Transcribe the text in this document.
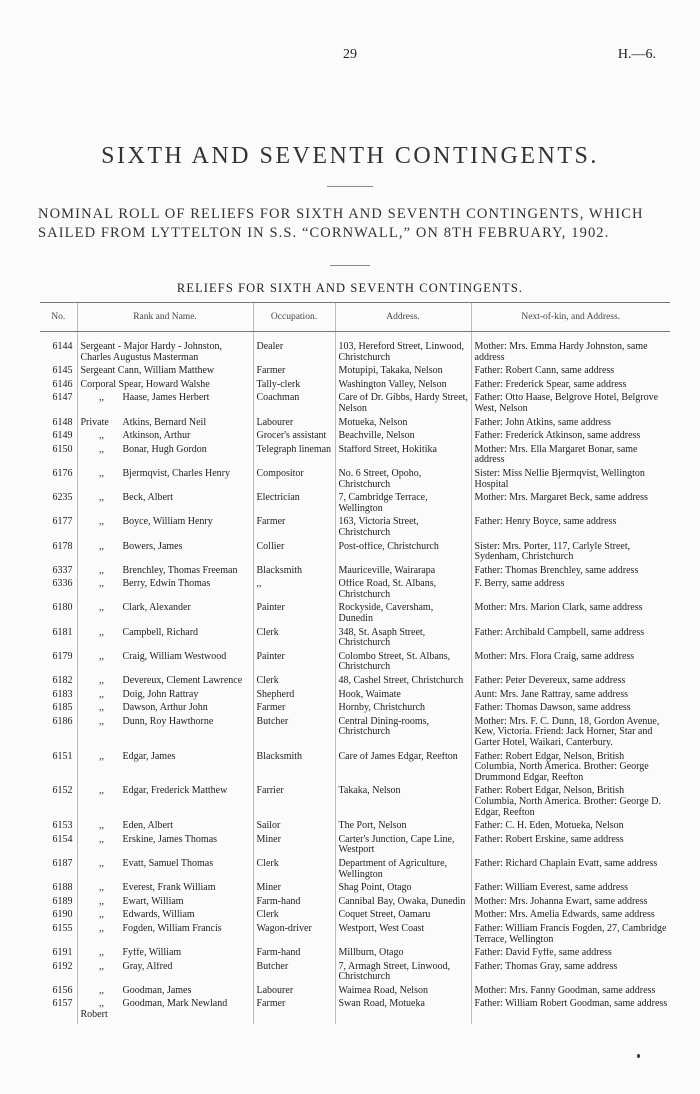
29	H.—6.
SIXTH AND SEVENTH CONTINGENTS.
NOMINAL ROLL OF RELIEFS FOR SIXTH AND SEVENTH CONTINGENTS, WHICH SAILED FROM LYTTELTON IN S.S. “CORNWALL,” ON 8TH FEBRUARY, 1902.
RELIEFS FOR SIXTH AND SEVENTH CONTINGENTS.
No.	Rank and Name.	Occupation.	Address.	Next-of-kin, and Address.
6144	Sergeant - Major Hardy - Johnston, Charles Augustus Masterman	Dealer	103, Hereford Street, Linwood, Christchurch	Mother: Mrs. Emma Hardy Johnston, same address
6145	Sergeant Cann, William Matthew	Farmer	Motupipi, Takaka, Nelson	Father: Robert Cann, same address
6146	Corporal Spear, Howard Walshe	Tally-clerk	Washington Valley, Nelson	Father: Frederick Spear, same address
6147	,, Haase, James Herbert	Coachman	Care of Dr. Gibbs, Hardy Street, Nelson	Father: Otto Haase, Belgrove Hotel, Belgrove West, Nelson
6148	Private Atkins, Bernard Neil	Labourer	Motueka, Nelson	Father: John Atkins, same address
6149	,, Atkinson, Arthur	Grocer's assistant	Beachville, Nelson	Father: Frederick Atkinson, same address
6150	,, Bonar, Hugh Gordon	Telegraph lineman	Stafford Street, Hokitika	Mother: Mrs. Ella Margaret Bonar, same address
6176	,, Bjermqvist, Charles Henry	Compositor	No. 6 Street, Opoho, Christchurch	Sister: Miss Nellie Bjermqvist, Wellington Hospital
6235	,, Beck, Albert	Electrician	7, Cambridge Terrace, Wellington	Mother: Mrs. Margaret Beck, same address
6177	,, Boyce, William Henry	Farmer	163, Victoria Street, Christchurch	Father: Henry Boyce, same address
6178	,, Bowers, James	Collier	Post-office, Christchurch	Sister: Mrs. Porter, 117, Carlyle Street, Sydenham, Christchurch
6337	,, Brenchley, Thomas Freeman	Blacksmith	Mauriceville, Wairarapa	Father: Thomas Brenchley, same address
6336	,, Berry, Edwin Thomas	,,	Office Road, St. Albans, Christchurch	F. Berry, same address
6180	,, Clark, Alexander	Painter	Rockyside, Caversham, Dunedin	Mother: Mrs. Marion Clark, same address
6181	,, Campbell, Richard	Clerk	348, St. Asaph Street, Christchurch	Father: Archibald Campbell, same address
6179	,, Craig, William Westwood	Painter	Colombo Street, St. Albans, Christchurch	Mother: Mrs. Flora Craig, same address
6182	,, Devereux, Clement Lawrence	Clerk	48, Cashel Street, Christchurch	Father: Peter Devereux, same address
6183	,, Doig, John Rattray	Shepherd	Hook, Waimate	Aunt: Mrs. Jane Rattray, same address
6185	,, Dawson, Arthur John	Farmer	Hornby, Christchurch	Father: Thomas Dawson, same address
6186	,, Dunn, Roy Hawthorne	Butcher	Central Dining-rooms, Christchurch	Mother: Mrs. F. C. Dunn, 18, Gordon Avenue, Kew, Victoria. Friend: Jack Horner, Star and Garter Hotel, Waikari, Canterbury.
6151	,, Edgar, James	Blacksmith	Care of James Edgar, Reefton	Father: Robert Edgar, Nelson, British Columbia, North America. Brother: George Drummond Edgar, Reefton
6152	,, Edgar, Frederick Matthew	Farrier	Takaka, Nelson	Father: Robert Edgar, Nelson, British Columbia, North America. Brother: George D. Edgar, Reefton
6153	,, Eden, Albert	Sailor	The Port, Nelson	Father: C. H. Eden, Motueka, Nelson
6154	,, Erskine, James Thomas	Miner	Carter's Junction, Cape Line, Westport	Father: Robert Erskine, same address
6187	,, Evatt, Samuel Thomas	Clerk	Department of Agriculture, Wellington	Father: Richard Chaplain Evatt, same address
6188	,, Everest, Frank William	Miner	Shag Point, Otago	Father: William Everest, same address
6189	,, Ewart, William	Farm-hand	Cannibal Bay, Owaka, Dunedin	Mother: Mrs. Johanna Ewart, same address
6190	,, Edwards, William	Clerk	Coquet Street, Oamaru	Mother: Mrs. Amelia Edwards, same address
6155	,, Fogden, William Francis	Wagon-driver	Westport, West Coast	Father: William Francis Fogden, 27, Cambridge Terrace, Wellington
6191	,, Fyffe, William	Farm-hand	Millburn, Otago	Father: David Fyffe, same address
6192	,, Gray, Alfred	Butcher	7, Armagh Street, Linwood, Christchurch	Father: Thomas Gray, same address
6156	,, Goodman, James	Labourer	Waimea Road, Nelson	Mother: Mrs. Fanny Goodman, same address
6157	,, Goodman, Mark Newland Robert	Farmer	Swan Road, Motueka	Father: William Robert Goodman, same address
